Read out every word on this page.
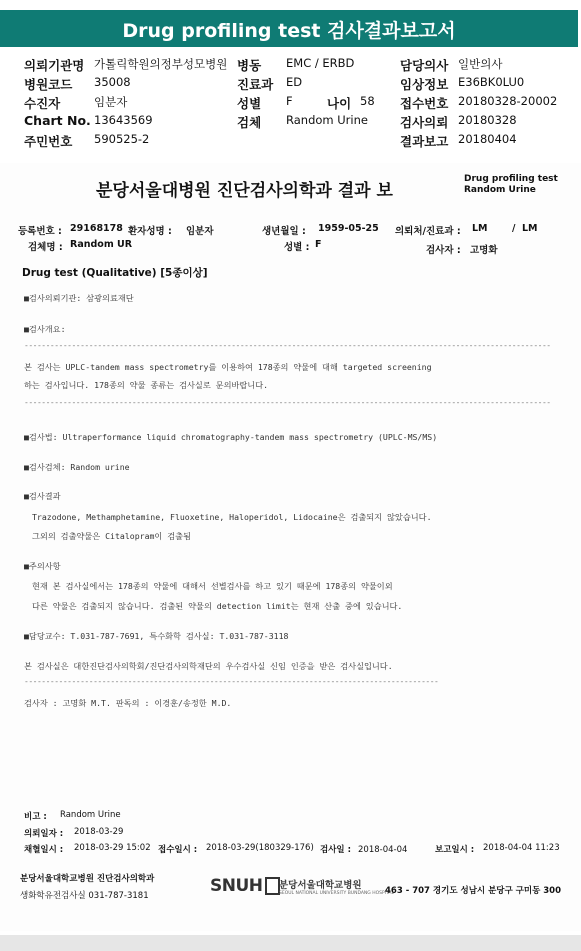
Drug profiling test 검사결과보고서
의뢰기관명 가톨릭학원의정부성모병원 병동 EMC / ERBD	담당의사 일반의사
병원코드 35008	진료과 ED	임상정보 E36BK0LU0
수진자	임분자	성별 F	나이 58 접수번호 20180328-20002
Chart No. 13643569	검체 Random Urine	검사의뢰 20180328
주민번호 590525-2	결과보고 20180404
분당서울대병원 진단검사의학과 결과 보
Drug profiling test
Random Urine
등록번호 : 29168178 환자성명 : 임분자	생년월일 : 1959-05-25 의뢰처/진료과 : LM	/ LM
검체명 : Random UR	성별 : F
검사자 : 고명화
Drug test (Qualitative) [5종이상]
■검사의뢰기관: 삼광의료재단
■검사개요:
--------------------------------------------------------------------------------------------------------------------------
본 검사는 UPLC-tandem mass spectrometry를 이용하여 178종의 약물에 대해 targeted screening
하는 검사입니다. 178종의 약물 종류는 검사실로 문의바랍니다.
--------------------------------------------------------------------------------------------------------------------------
■검사법: Ultraperformance liquid chromatography-tandem mass spectrometry (UPLC-MS/MS)
■검사검체: Random urine
■검사결과
Trazodone, Methamphetamine, Fluoxetine, Haloperidol, Lidocaine은 검출되지 않았습니다.
그외의 검출약물은 Citalopram이 검출됨
■주의사항
현재 본 검사실에서는 178종의 약물에 대해서 선별검사를 하고 있기 때문에 178종의 약물이외
다른 약물은 검출되지 않습니다. 검출된 약물의 detection limit는 현재 산출 중에 있습니다.
■담당교수: T.031-787-7691, 특수화학 검사실: T.031-787-3118
본 검사실은 대한진단검사의학회/진단검사의학재단의 우수검사실 신임 인증을 받은 검사실입니다.
------------------------------------------------------------------------------------------------
검사자 : 고명화 M.T. 판독의 : 이경훈/송정한 M.D.
비고 : Random Urine
의뢰일자 : 2018-03-29
채혈일시 : 2018-03-29 15:02 접수일시 : 2018-03-29(180329-176) 검사일 : 2018-04-04	보고일시 : 2018-04-04 11:23
분당서울대학교병원 진단검사의학과
생화학유전검사실 031-787-3181	SNUH	분당서울대학교병원
SEOUL NATIONAL UNIVERSITY BUNDANG HOSPITAL
463 - 707 경기도 성남시 분당구 구미동 300
